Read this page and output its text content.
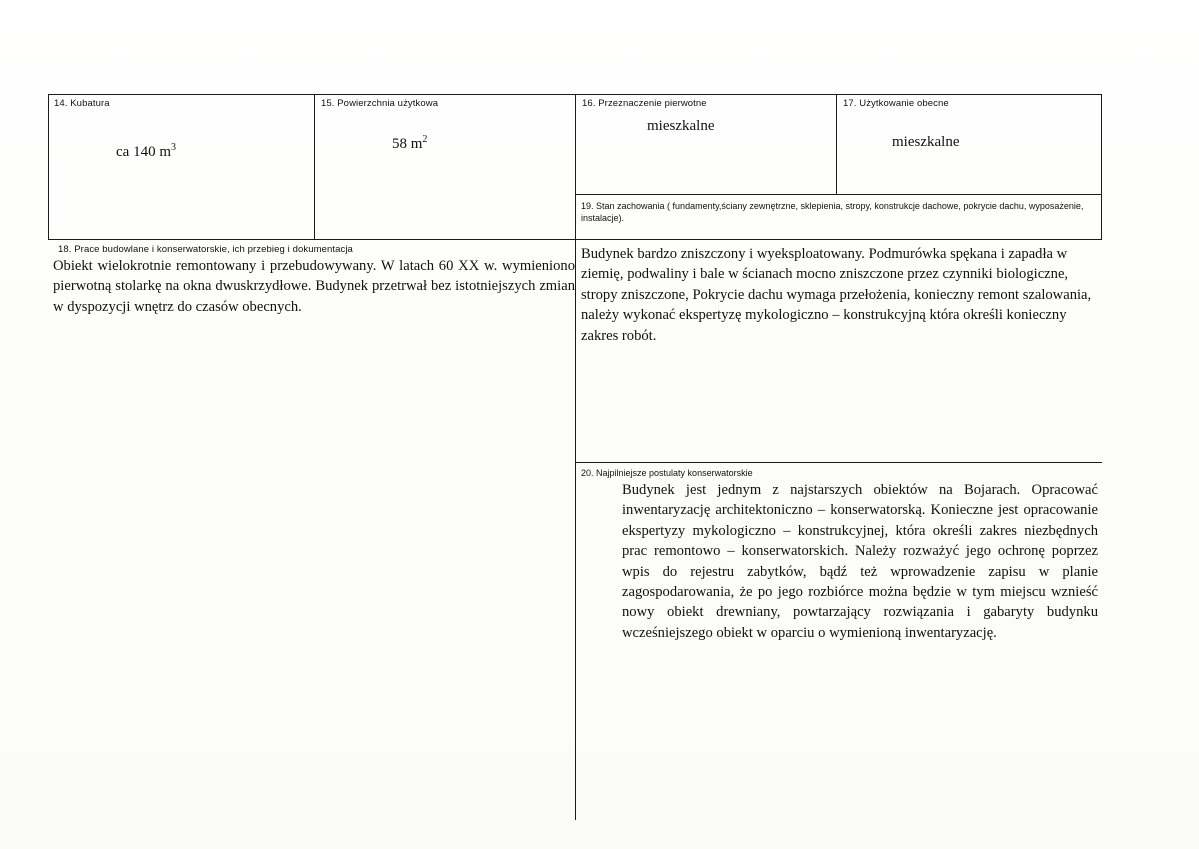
14. Kubatura
ca 140 $m^3$
15. Powierzchnia użytkowa
58 $m^2$
16. Przeznaczenie pierwotne
mieszkalne
17. Użytkowanie obecne
mieszkalne
19. Stan zachowania ( fundamenty,ściany zewnętrzne, sklepienia, stropy, konstrukcje dachowe, pokrycie dachu, wyposażenie, instalacje).
18. Prace budowlane i konserwatorskie, ich przebieg i dokumentacja
Obiekt wielokrotnie remontowany i przebudowywany. W latach 60 XX w. wymieniono pierwotną stolarkę na okna dwuskrzydłowe. Budynek przetrwał bez istotniejszych zmian w dyspozycji wnętrz do czasów obecnych.
Budynek bardzo zniszczony i wyeksploatowany. Podmurówka spękana i zapadła w ziemię, podwaliny i bale w ścianach mocno zniszczone przez czynniki biologiczne, stropy zniszczone, Pokrycie dachu wymaga przełożenia, konieczny remont szalowania, należy wykonać ekspertyzę mykologiczno – konstrukcyjną która określi konieczny zakres robót.
20. Najpilniejsze postulaty konserwatorskie
Budynek jest jednym z najstarszych obiektów na Bojarach. Opracować inwentaryzację architektoniczno – konserwatorską. Konieczne jest opracowanie ekspertyzy mykologiczno – konstrukcyjnej, która określi zakres niezbędnych prac remontowo – konserwatorskich. Należy rozważyć jego ochronę poprzez wpis do rejestru zabytków, bądź też wprowadzenie zapisu w planie zagospodarowania, że po jego rozbiórce można będzie w tym miejscu wznieść nowy obiekt drewniany, powtarzający rozwiązania i gabaryty budynku wcześniejszego obiekt w oparciu o wymienioną inwentaryzację.
